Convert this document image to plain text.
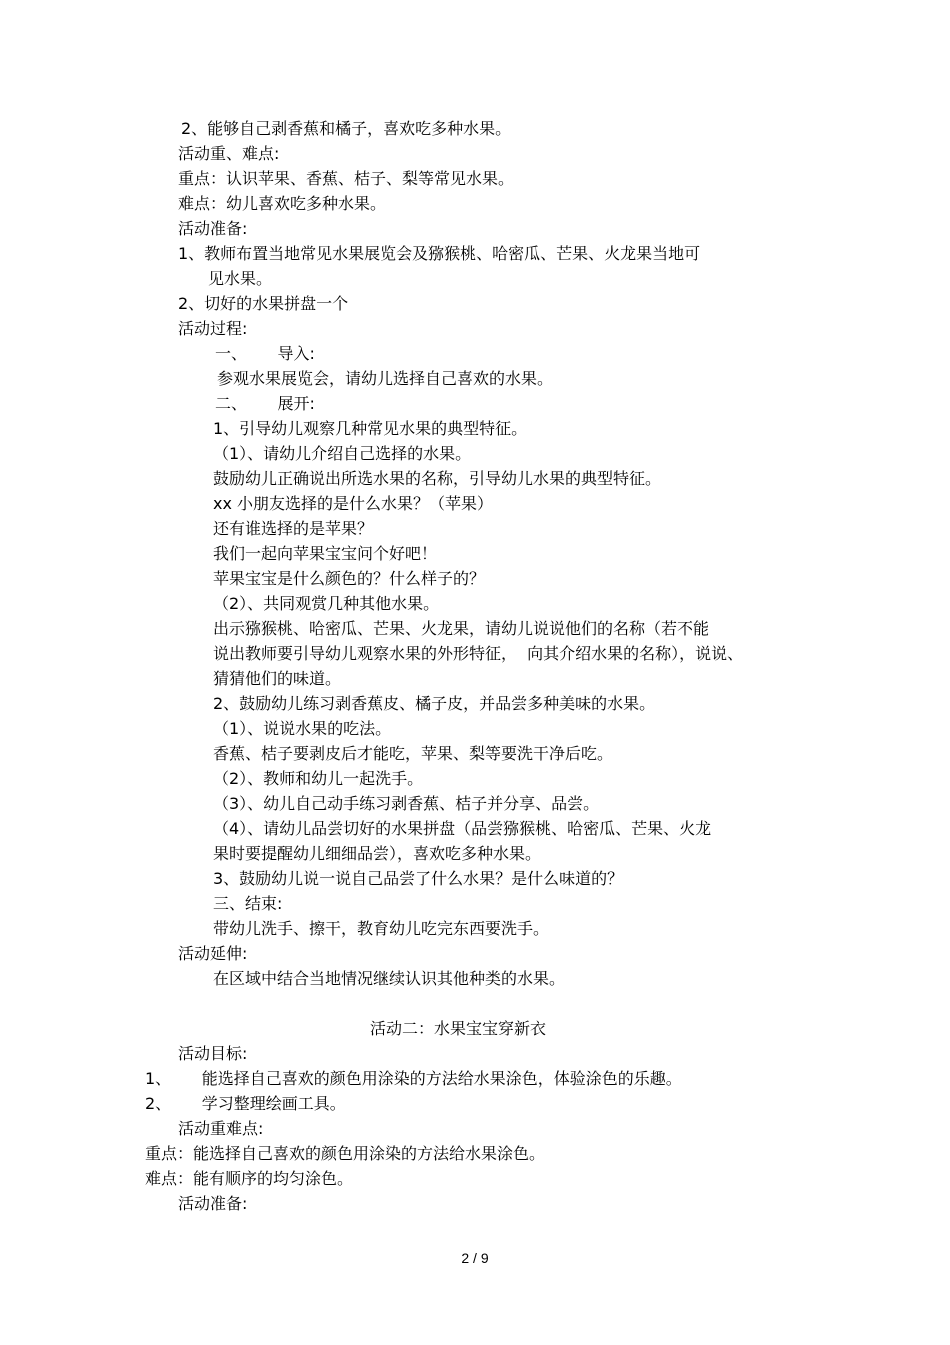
2、能够自己剥香蕉和橘子，喜欢吃多种水果。
活动重、难点:
重点：认识苹果、香蕉、桔子、梨等常见水果。
难点：幼儿喜欢吃多种水果。
活动准备:
1、教师布置当地常见水果展览会及猕猴桃、哈密瓜、芒果、火龙果当地可
见水果。
2、切好的水果拼盘一个
活动过程:
一、      导入:
参观水果展览会，请幼儿选择自己喜欢的水果。
二、      展开:
1、引导幼儿观察几种常见水果的典型特征。
（1）、请幼儿介绍自己选择的水果。
鼓励幼儿正确说出所选水果的名称，引导幼儿水果的典型特征。
xx 小朋友选择的是什么水果？（苹果）
还有谁选择的是苹果？
我们一起向苹果宝宝问个好吧！
苹果宝宝是什么颜色的？什么样子的？
（2）、共同观赏几种其他水果。
出示猕猴桃、哈密瓜、芒果、火龙果，请幼儿说说他们的名称（若不能
说出教师要引导幼儿观察水果的外形特征，  向其介绍水果的名称），说说、
猜猜他们的味道。
2、鼓励幼儿练习剥香蕉皮、橘子皮，并品尝多种美味的水果。
（1）、说说水果的吃法。
香蕉、桔子要剥皮后才能吃，苹果、梨等要洗干净后吃。
（2）、教师和幼儿一起洗手。
（3）、幼儿自己动手练习剥香蕉、桔子并分享、品尝。
（4）、请幼儿品尝切好的水果拼盘（品尝猕猴桃、哈密瓜、芒果、火龙
果时要提醒幼儿细细品尝），喜欢吃多种水果。
3、鼓励幼儿说一说自己品尝了什么水果？是什么味道的？
三、结束:
带幼儿洗手、擦干，教育幼儿吃完东西要洗手。
活动延伸:
在区域中结合当地情况继续认识其他种类的水果。
活动二：水果宝宝穿新衣
活动目标:
1、      能选择自己喜欢的颜色用涂染的方法给水果涂色，体验涂色的乐趣。
2、      学习整理绘画工具。
活动重难点:
重点：能选择自己喜欢的颜色用涂染的方法给水果涂色。
难点：能有顺序的均匀涂色。
活动准备:
2 / 9
